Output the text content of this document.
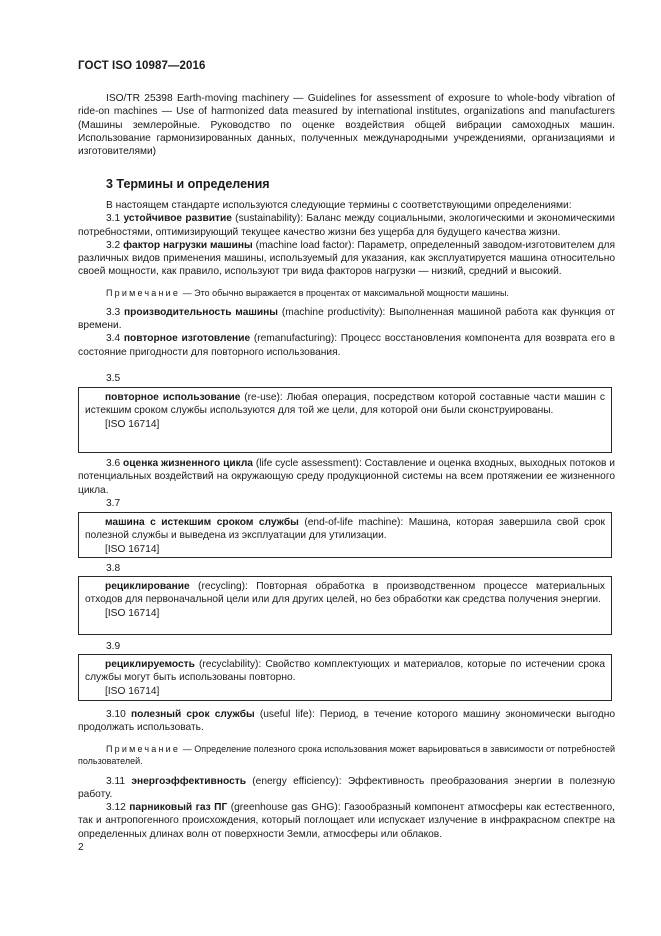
ГОСТ ISO 10987—2016

ISO/TR 25398 Earth-moving machinery — Guidelines for assessment of exposure to whole-body vibration of ride-on machines — Use of harmonized data measured by international institutes, organizations and manufacturers (Машины землеройные. Руководство по оценке воздействия общей вибрации самоходных машин. Использование гармонизированных данных, полученных международными учреждениями, организациями и изготовителями)

3 Термины и определения

В настоящем стандарте используются следующие термины с соответствующими определениями:

3.1 устойчивое развитие (sustainability): Баланс между социальными, экологическими и экономическими потребностями, оптимизирующий текущее качество жизни без ущерба для будущего качества жизни.

3.2 фактор нагрузки машины (machine load factor): Параметр, определенный заводом-изготовителем для различных видов применения машины, используемый для указания, как эксплуатируется машина относительно своей мощности, как правило, используют три вида факторов нагрузки — низкий, средний и высокий.

Примечание — Это обычно выражается в процентах от максимальной мощности машины.

3.3 производительность машины (machine productivity): Выполненная машиной работа как функция от времени.

3.4 повторное изготовление (remanufacturing): Процесс восстановления компонента для возврата его в состояние пригодности для повторного использования.

3.5

повторное использование (re-use): Любая операция, посредством которой составные части машин с истекшим сроком службы используются для той же цели, для которой они были сконструированы.

[ISO 16714]

3.6 оценка жизненного цикла (life cycle assessment): Составление и оценка входных, выходных потоков и потенциальных воздействий на окружающую среду продукционной системы на всем протяжении ее жизненного цикла.

3.7

машина с истекшим сроком службы (end-of-life machine): Машина, которая завершила свой срок полезной службы и выведена из эксплуатации для утилизации.

[ISO 16714]
3.8

рециклирование (recycling): Повторная обработка в производственном процессе материальных отходов для первоначальной цели или для других целей, но без обработки как средства получения энергии.

[ISO 16714]
3.9

рециклируемость (recyclability): Свойство комплектующих и материалов, которые по истечении срока службы могут быть использованы повторно.

[ISO 16714]

3.10 полезный срок службы (useful life): Период, в течение которого машину экономически выгодно продолжать использовать.

Примечание — Определение полезного срока использования может варьироваться в зависимости от потребностей пользователей.

3.11 энергоэффективность (energy efficiency): Эффективность преобразования энергии в полезную работу.

3.12 парниковый газ ПГ (greenhouse gas GHG): Газообразный компонент атмосферы как естественного, так и антропогенного происхождения, который поглощает или испускает излучение в инфракрасном спектре на определенных длинах волн от поверхности Земли, атмосферы или облаков.

2
